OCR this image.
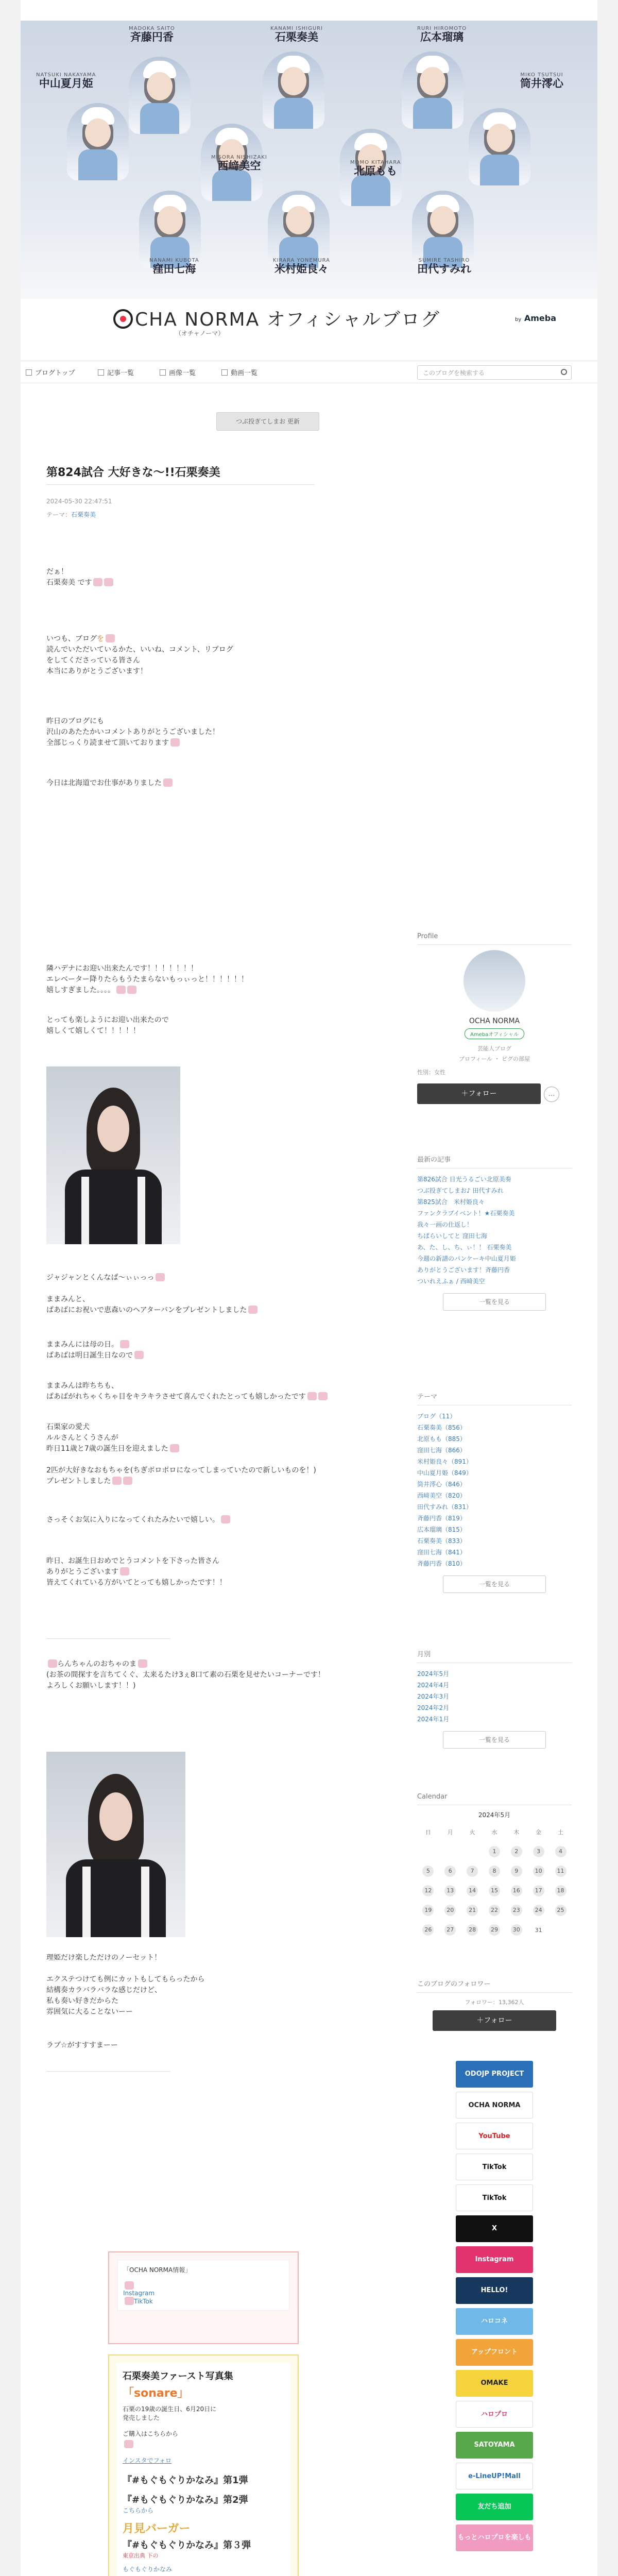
MADOKA SAITO
斉藤円香
KANAMI ISHIGURI
石栗奏美
RURI HIROMOTO
広本瑠璃
NATSUKI NAKAYAMA
中山夏月姫
MIKO TSUTSUI
筒井澪心
MISORA NISHIZAKI
西﨑美空	MOMO KITAHARA
北原もも
NANAMI KUBOTA
窪田七海
KIRARA YONEMURA
米村姫良々
SUMIRE TASHIRO
田代すみれ
CHA NORMA オフィシャルブログ
（オチャノーマ）
by Ameba
ブログトップ	記事一覧	画像一覧	動画一覧	このブログを検索する
つぶ投ぎてしまお 更新
第824試合 大好きな〜!!石栗奏美
2024-05-30 22:47:51
テーマ：石栗奏美
だぁ！
石栗奏美 です
いつも、ブログを
読んでいただいているかた、いいね、コメント、リブログ
をしてくださっている皆さん
本当にありがとうございます！
昨日のブログにも
沢山のあたたかいコメントありがとうございました！
全部じっくり読ませて頂いております
今日は北海道でお仕事がありました
隣ハデナにお迎い出来たんです！！！！！！！
エレベーター降りたらもうたまらないもっぃっと！！！！！！
嬉しすぎました。。。。
とっても楽しようにお迎い出来たので
嬉しくて嬉しくて！！！！！
ジャジャンとくんなぱ〜ぃぃっっ
ままみんと、
ぱあばにお祝いで恵森いのヘアターバンをプレゼントしました
ままみんには母の日。
ぱあばは明日誕生日なので
ままみんは昨ちちも、
ぱあばがれちゃくちゃ目をキラキラさせて喜んでくれたとっても嬉しかったです
石栗家の愛犬
ルルさんとくうさんが
昨日11歳と7歳の誕生日を迎えました
2匹が大好きなおもちゃを(ちぎボロボロになってしまっていたので新しいものを！)
プレゼントしました
さっそくお気に入りになってくれたみたいで嬉しい。
昨日、お誕生日おめでとうコメントを下さった皆さん
ありがとうございます
皆えてくれている方がいてとっても嬉しかったです！！
らんちゃんのおちゃのま
(お茶の間探すを言ちてくぐ、太来るたけ3ぇ8口て素の石栗を見せたいコーナーです！
よろしくお願いします！！)
理姫だけ楽しただけのノーセット！
エクステつけても例にカットもしてもらったから
結構奏カラバラバラな感じだけど、
私も奏い好きだからた
雰囲気に大ることないーー
ラブ☆がすすすまーー
「OCHA NORMA情報」
Instagram
TikTok
石栗奏美ファースト写真集
「sonare」
石栗の19歳の誕生日、6月20日に
発売しました
ご購入はこちらから
インスタでフォロ
『#もぐもぐりかなみ』第1弾
『#もぐもぐりかなみ』第2弾
こちらから
月見バーガー
『#もぐもぐりかなみ』第３弾
東京出典 下の
もぐもぐりかなみ
Profile
OCHA NORMA
Amebaオフィシャル
芸能人ブログ
プロフィール ・ ピグの部屋
性別：女性
＋フォロー	…
最新の記事
第826試合 日光うるごい北原美奏
つぶ投ぎてしまお♪ 田代すみれ
第825試合　米村姫良々
ファンクラブイベント！★石栗奏美
我々一画の仕返し！
ちぱらいしてと 窪田七海
あ、た、し、ち、ぃ！！ 石栗奏美
今週の新譜のパンケーキ中山夏月姫
ありがとうございます！斉藤円香
ついれえふぁ / 西﨑美空
一覧を見る
テーマ
ブログ（11）
石栗奏美（856）
北原もも（885）
窪田七海（866）
米村姫良々（891）
中山夏月姫（849）
筒井澪心（846）
西﨑美空（820）
田代すみれ（831）
斉藤円香（819）
広本瑠璃（815）
石栗奏美（833）
窪田七海（841）
斉藤円香（810）
一覧を見る
月別
2024年5月
2024年4月
2024年3月
2024年2月
2024年1月
一覧を見る
Calendar
2024年5月
日	月	火	水	木	金	土
			1	2	3	4
5	6	7	8	9	10	11
12	13	14	15	16	17	18
19	20	21	22	23	24	25
26	27	28	29	30	31	
このブログのフォロワー
フォロワー：13,362人
＋フォロー
ODOJP PROJECT
OCHA NORMA
YouTube
TikTok
TikTok
X
Instagram
HELLO!
ハロコネ
アップフロント
OMAKE
ハロプロ
SATOYAMA
e-LineUP!Mall
友だち追加
もっとハロプロを楽しもう
